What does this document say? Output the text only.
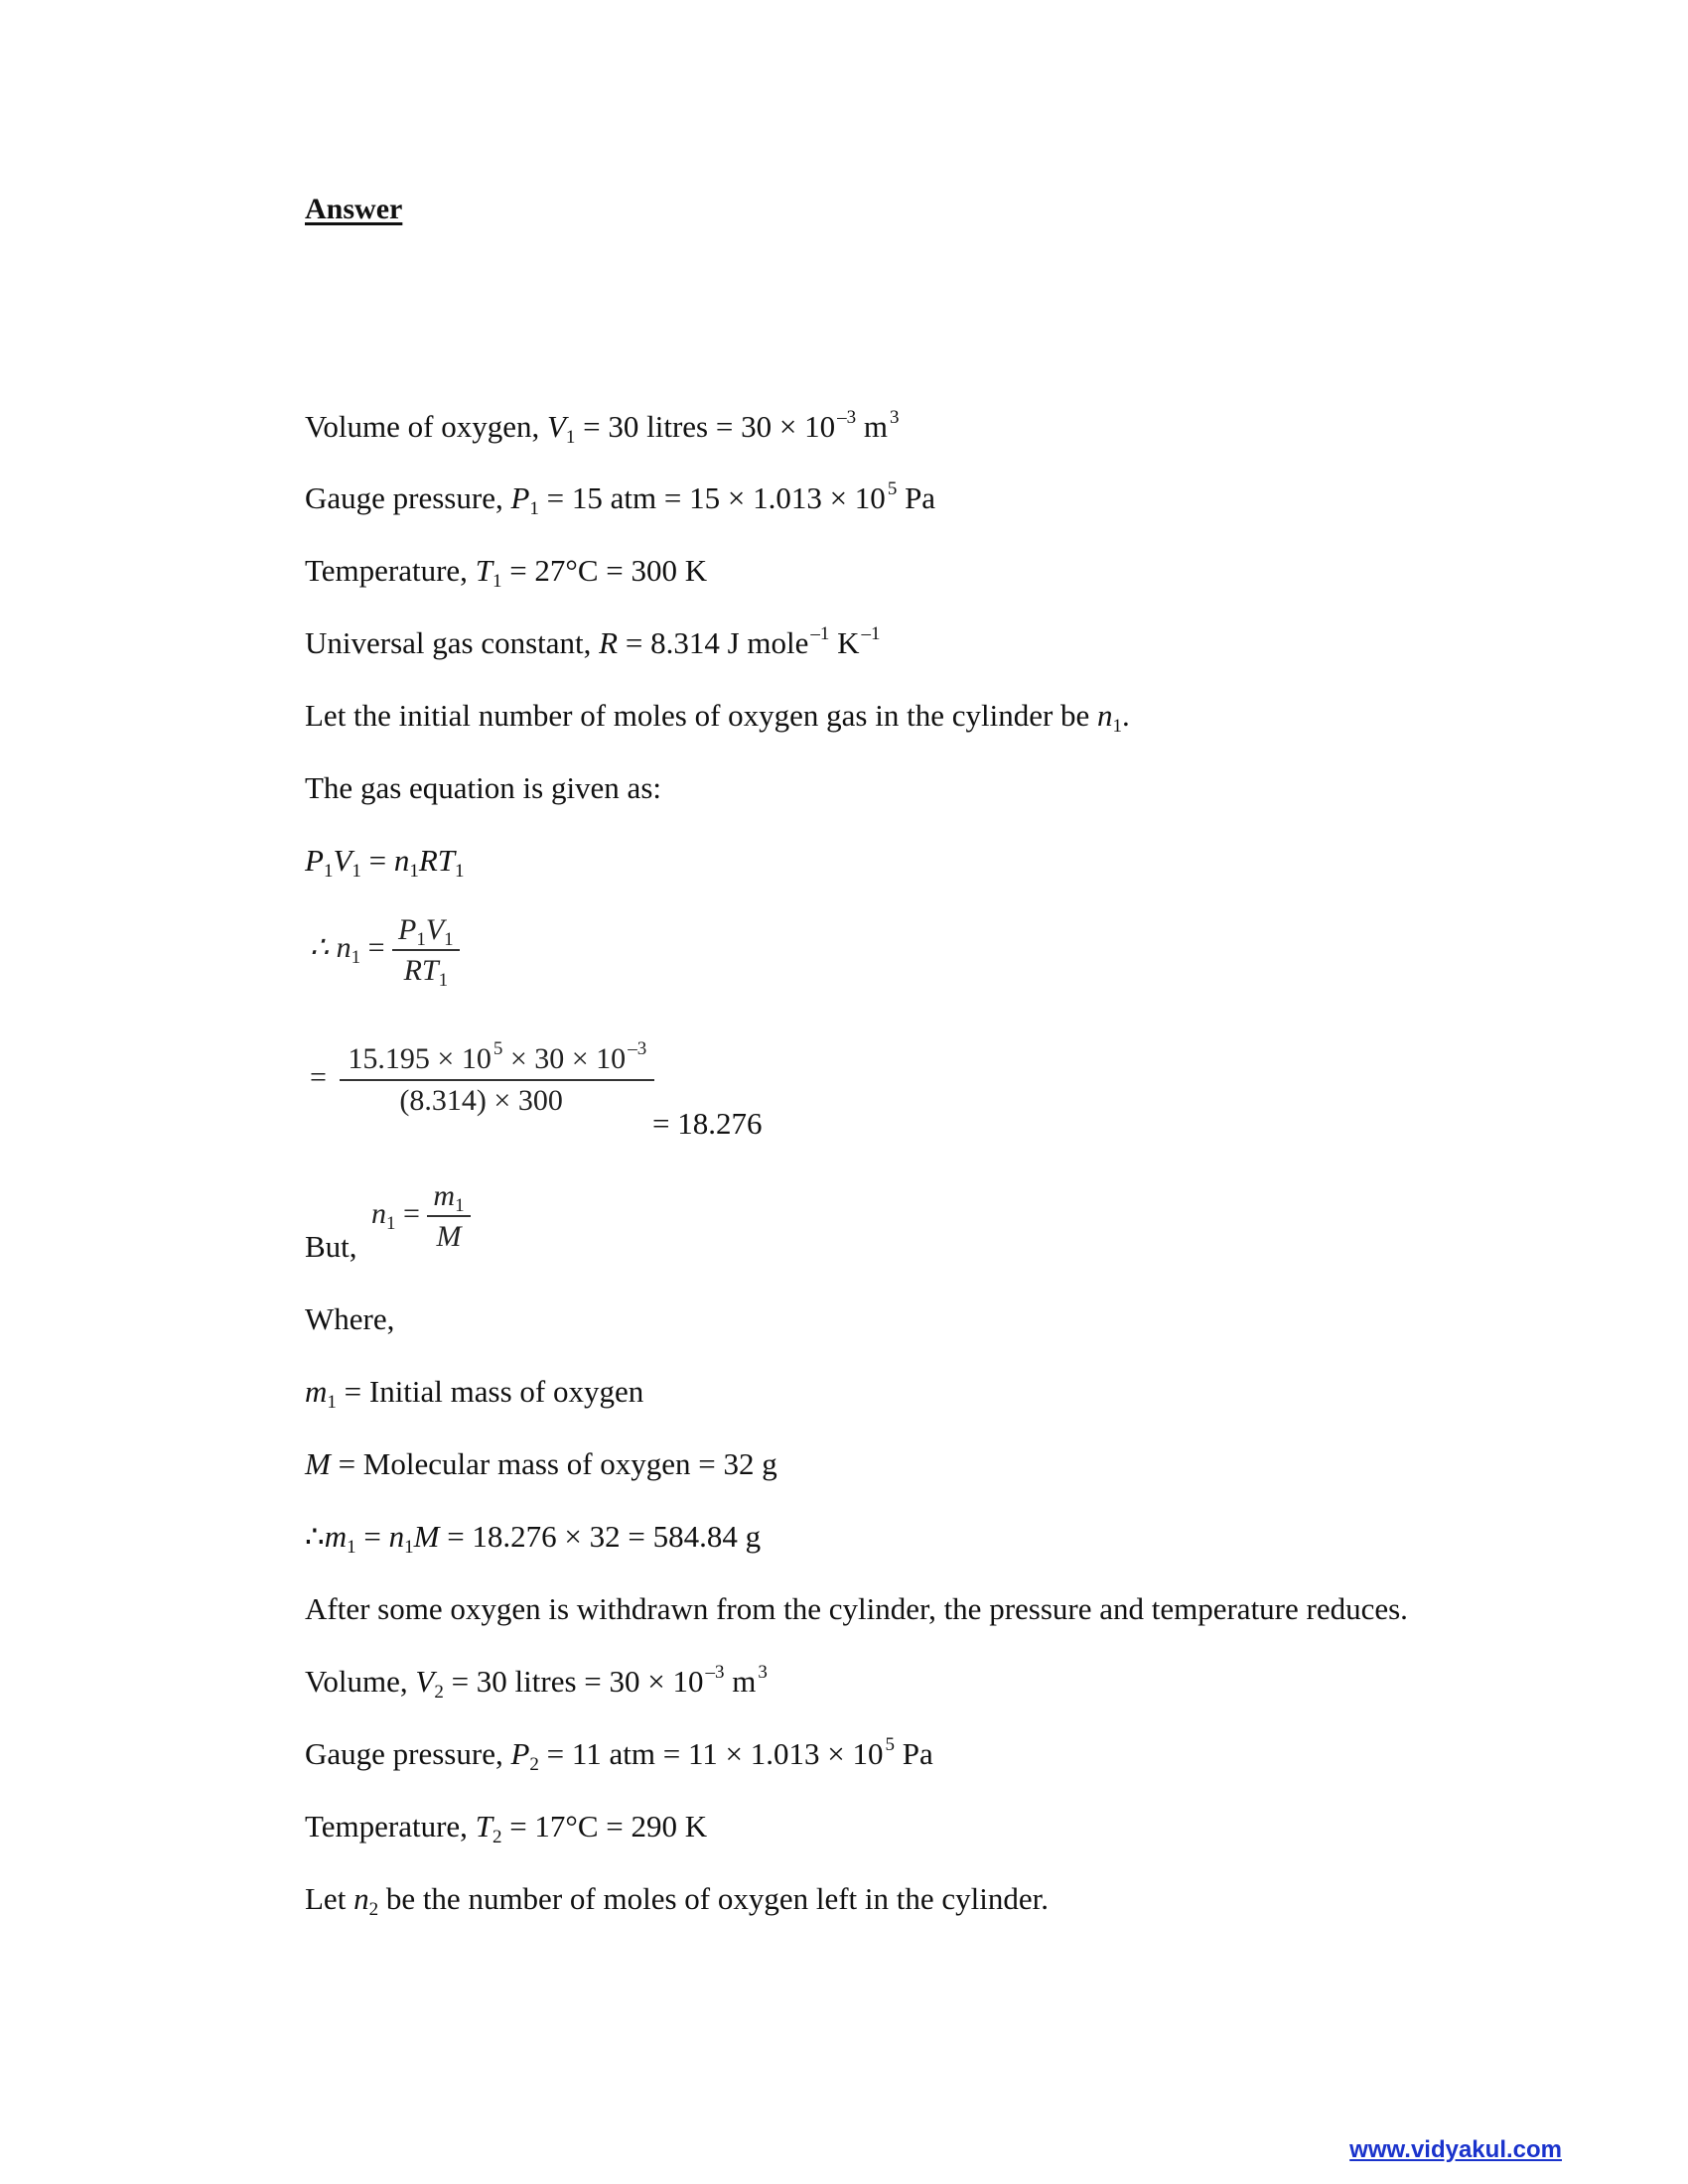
Answer
Volume of oxygen, $V_1 = 30$ litres = 30 × 10 $^{-3}$ m $^3$
Gauge pressure, $P_1 = 15$ atm = 15 × 1.013 × 10 $^5$ Pa
Temperature, $T_1 = 27^\circ C = 300$ K
Universal gas constant, R = 8.314 J mole $^{-1}$ K $^{-1}$
Let the initial number of moles of oxygen gas in the cylinder be $n_1$.
The gas equation is given as:
$P_1V_1 = n_1RT_1$
∴ $n_1 = \frac{P_1V_1}{RT_1}$
= $\frac{15.195 \times 10 ^5 \times 30 \times 10 ^{-3}}{(8.314) \times 300}$
= 18.276
But,
$n_1 = \frac{m_1}{M}$
Where,
$m_1$ = Initial mass of oxygen
M = Molecular mass of oxygen = 32 g
$\therefore m_1 = n_1M = 18.276 \times 32 = 584.84$ g
After some oxygen is withdrawn from the cylinder, the pressure and temperature reduces.
Volume, $V_2 = 30$ litres = 30 × 10 $^{-3}$ m $^3$
Gauge pressure, $P_2 = 11$ atm = 11 × 1.013 × 10 $^5$ Pa
Temperature, $T_2 = 17^\circ C = 290$ K
Let $n_2$ be the number of moles of oxygen left in the cylinder.
www.vidyakul.com
